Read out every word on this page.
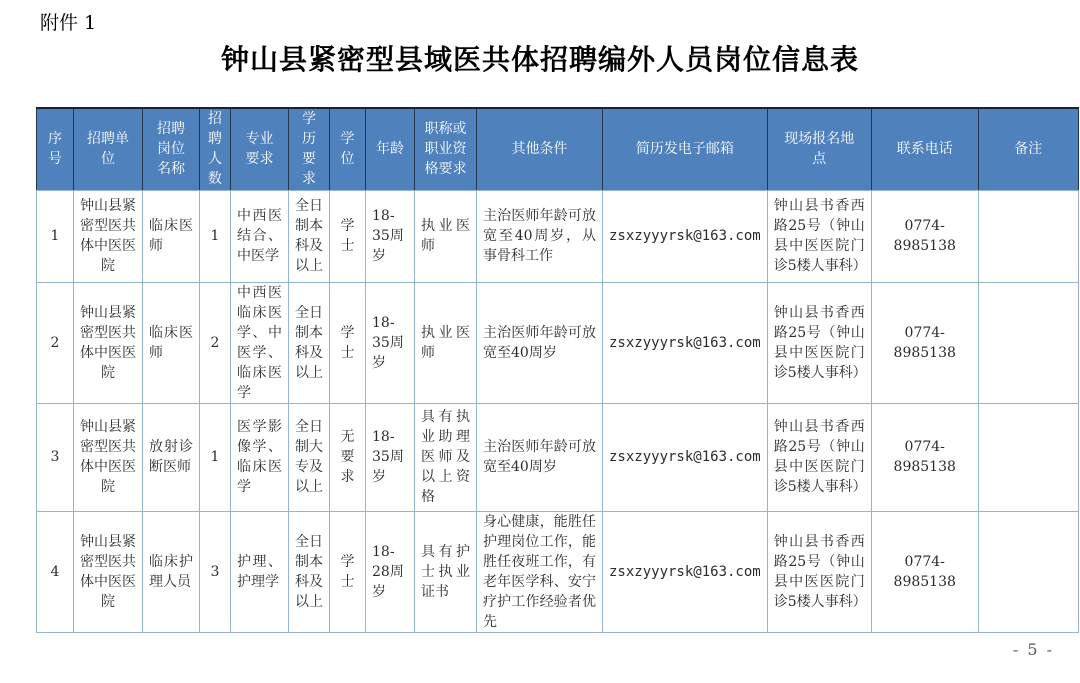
附件 1
钟山县紧密型县域医共体招聘编外人员岗位信息表
序号	招聘单位	招聘岗位名称	招聘人数	专业要求	学历要求	学位	年龄	职称或职业资格要求	其他条件	简历发电子邮箱	现场报名地点	联系电话	备注
1	钟山县紧密型医共体中医医院	临床医师	1	中西医结合、中医学	全日制本科及以上	学士	18-35周岁	执业医师	主治医师年龄可放宽至40周岁，从事骨科工作	zsxzyyyrsk@163.com	钟山县书香西路25号（钟山县中医医院门诊5楼人事科）	0774-8985138	
2	钟山县紧密型医共体中医医院	临床医师	2	中西医临床医学、中医学、临床医学	全日制本科及以上	学士	18-35周岁	执业医师	主治医师年龄可放宽至40周岁	zsxzyyyrsk@163.com	钟山县书香西路25号（钟山县中医医院门诊5楼人事科）	0774-8985138	
3	钟山县紧密型医共体中医医院	放射诊断医师	1	医学影像学、临床医学	全日制大专及以上	无要求	18-35周岁	具有执业助理医师及以上资格	主治医师年龄可放宽至40周岁	zsxzyyyrsk@163.com	钟山县书香西路25号（钟山县中医医院门诊5楼人事科）	0774-8985138	
4	钟山县紧密型医共体中医医院	临床护理人员	3	护理、护理学	全日制本科及以上	学士	18-28周岁	具有护士执业证书	身心健康，能胜任护理岗位工作，能胜任夜班工作，有老年医学科、安宁疗护工作经验者优先	zsxzyyyrsk@163.com	钟山县书香西路25号（钟山县中医医院门诊5楼人事科）	0774-8985138	
- 5 -
